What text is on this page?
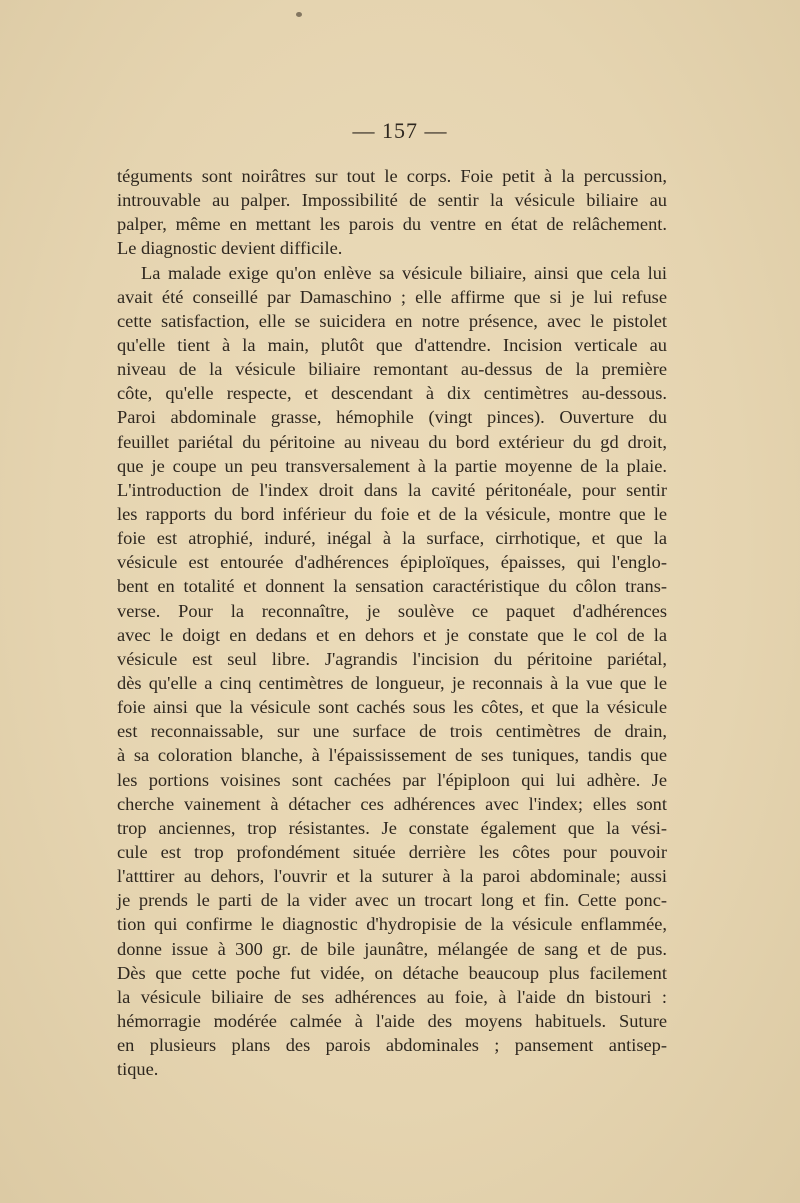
— 157 —
téguments sont noirâtres sur tout le corps. Foie petit à la percussion,
introuvable au palper. Impossibilité de sentir la vésicule biliaire au
palper, même en mettant les parois du ventre en état de relâchement.
Le diagnostic devient difficile.
La malade exige qu'on enlève sa vésicule biliaire, ainsi que cela lui
avait été conseillé par Damaschino ; elle affirme que si je lui refuse
cette satisfaction, elle se suicidera en notre présence, avec le pistolet
qu'elle tient à la main, plutôt que d'attendre. Incision verticale au
niveau de la vésicule biliaire remontant au-dessus de la première
côte, qu'elle respecte, et descendant à dix centimètres au-dessous.
Paroi abdominale grasse, hémophile (vingt pinces). Ouverture du
feuillet pariétal du péritoine au niveau du bord extérieur du gd droit,
que je coupe un peu transversalement à la partie moyenne de la plaie.
L'introduction de l'index droit dans la cavité péritonéale, pour sentir
les rapports du bord inférieur du foie et de la vésicule, montre que le
foie est atrophié, induré, inégal à la surface, cirrhotique, et que la
vésicule est entourée d'adhérences épiploïques, épaisses, qui l'englo-
bent en totalité et donnent la sensation caractéristique du côlon trans-
verse. Pour la reconnaître, je soulève ce paquet d'adhérences
avec le doigt en dedans et en dehors et je constate que le col de la
vésicule est seul libre. J'agrandis l'incision du péritoine pariétal,
dès qu'elle a cinq centimètres de longueur, je reconnais à la vue que le
foie ainsi que la vésicule sont cachés sous les côtes, et que la vésicule
est reconnaissable, sur une surface de trois centimètres de drain,
à sa coloration blanche, à l'épaississement de ses tuniques, tandis que
les portions voisines sont cachées par l'épiploon qui lui adhère. Je
cherche vainement à détacher ces adhérences avec l'index; elles sont
trop anciennes, trop résistantes. Je constate également que la vési-
cule est trop profondément située derrière les côtes pour pouvoir
l'atttirer au dehors, l'ouvrir et la suturer à la paroi abdominale; aussi
je prends le parti de la vider avec un trocart long et fin. Cette ponc-
tion qui confirme le diagnostic d'hydropisie de la vésicule enflammée,
donne issue à 300 gr. de bile jaunâtre, mélangée de sang et de pus.
Dès que cette poche fut vidée, on détache beaucoup plus facilement
la vésicule biliaire de ses adhérences au foie, à l'aide dn bistouri :
hémorragie modérée calmée à l'aide des moyens habituels. Suture
en plusieurs plans des parois abdominales ; pansement antisep-
tique.
